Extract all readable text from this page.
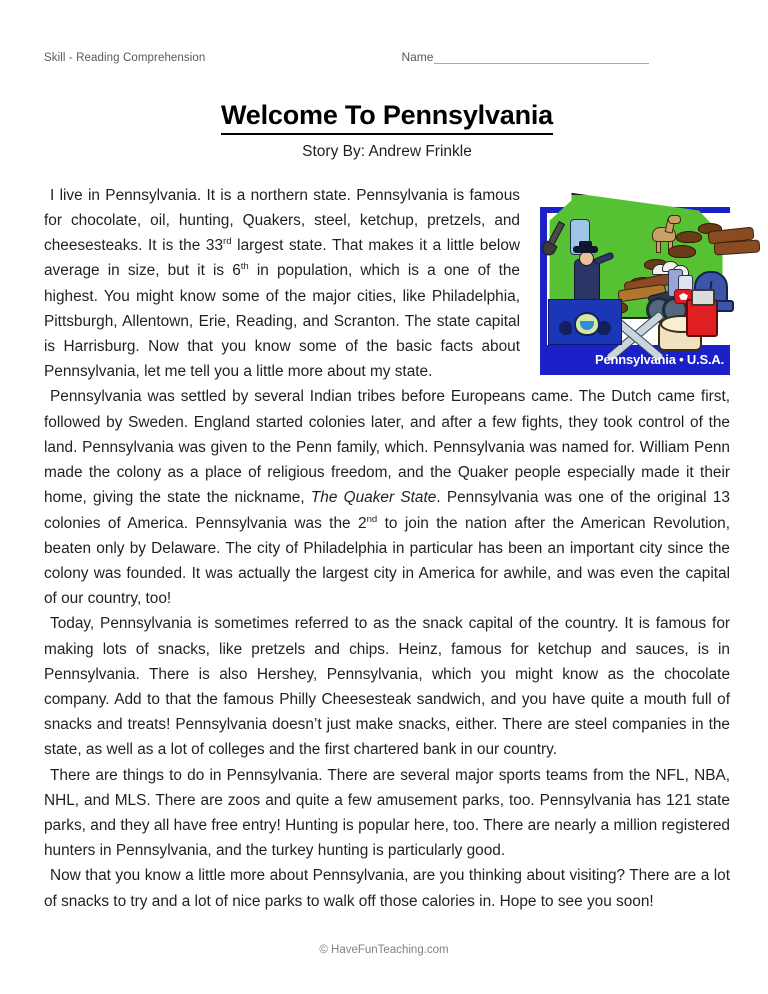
Skill - Reading Comprehension	Name
Welcome To Pennsylvania
Story By: Andrew Frinkle
Pennsylvania • U.S.A.

I live in Pennsylvania. It is a northern state. Pennsylvania is famous for chocolate, oil, hunting, Quakers, steel, ketchup, pretzels, and cheesesteaks. It is the 33rd largest state. That makes it a little below average in size, but it is 6th in population, which is a one of the highest. You might know some of the major cities, like Philadelphia, Pittsburgh, Allentown, Erie, Reading, and Scranton. The state capital is Harrisburg. Now that you know some of the basic facts about Pennsylvania, let me tell you a little more about my state.

Pennsylvania was settled by several Indian tribes before Europeans came. The Dutch came first, followed by Sweden. England started colonies later, and after a few fights, they took control of the land. Pennsylvania was given to the Penn family, which. Pennsylvania was named for. William Penn made the colony as a place of religious freedom, and the Quaker people especially made it their home, giving the state the nickname, The Quaker State. Pennsylvania was one of the original 13 colonies of America. Pennsylvania was the 2nd to join the nation after the American Revolution, beaten only by Delaware. The city of Philadelphia in particular has been an important city since the colony was founded. It was actually the largest city in America for awhile, and was even the capital of our country, too!

Today, Pennsylvania is sometimes referred to as the snack capital of the country. It is famous for making lots of snacks, like pretzels and chips. Heinz, famous for ketchup and sauces, is in Pennsylvania. There is also Hershey, Pennsylvania, which you might know as the chocolate company. Add to that the famous Philly Cheesesteak sandwich, and you have quite a mouth full of snacks and treats! Pennsylvania doesn’t just make snacks, either. There are steel companies in the state, as well as a lot of colleges and the first chartered bank in our country.

There are things to do in Pennsylvania. There are several major sports teams from the NFL, NBA, NHL, and MLS. There are zoos and quite a few amusement parks, too. Pennsylvania has 121 state parks, and they all have free entry! Hunting is popular here, too. There are nearly a million registered hunters in Pennsylvania, and the turkey hunting is particularly good.

Now that you know a little more about Pennsylvania, are you thinking about visiting? There are a lot of snacks to try and a lot of nice parks to walk off those calories in. Hope to see you soon!

© HaveFunTeaching.com
